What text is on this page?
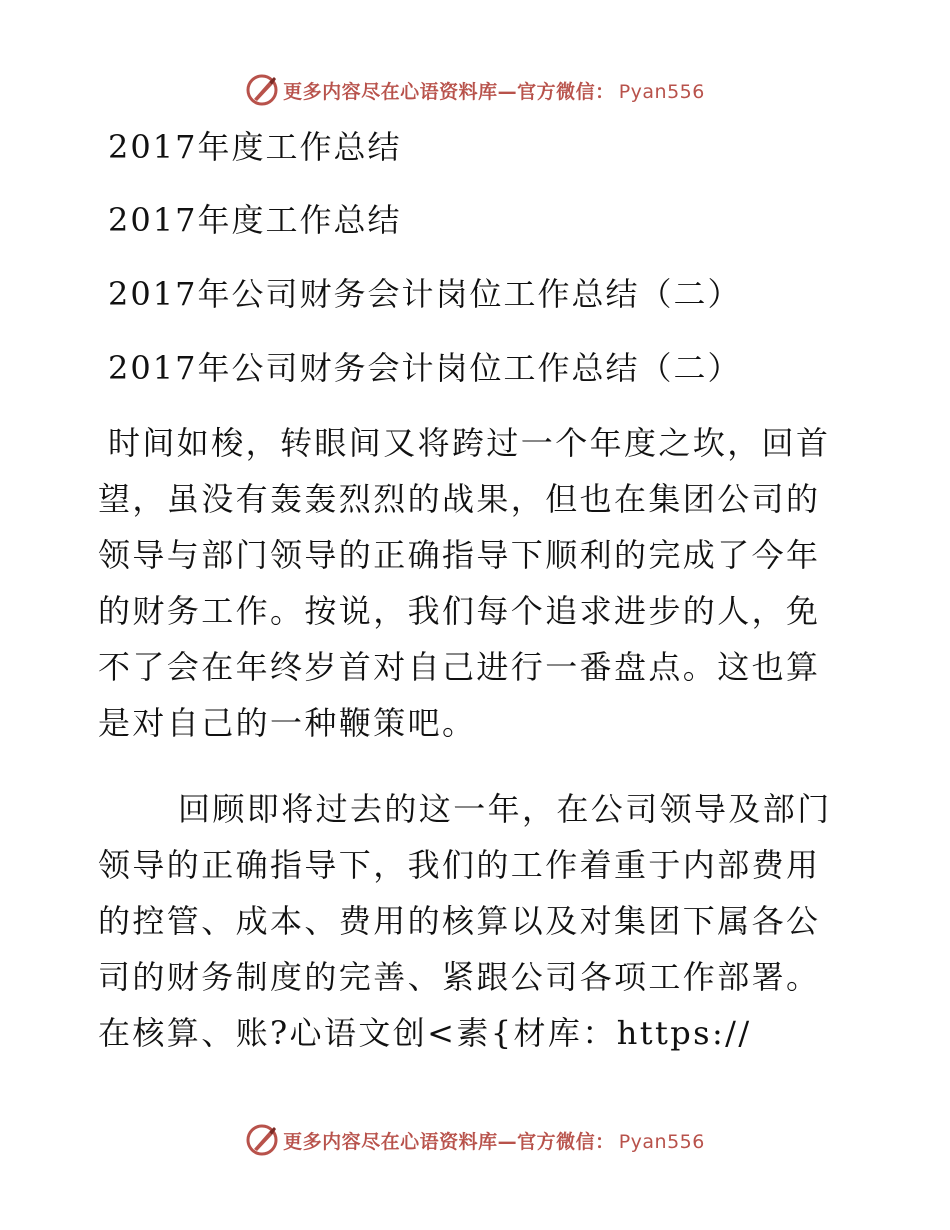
更多内容尽在心语资料库—官方微信： Pyan556
2017年度工作总结
2017年度工作总结
2017年公司财务会计岗位工作总结（二）
2017年公司财务会计岗位工作总结（二）

时间如梭，转眼间又将跨过一个年度之坎，回首望，虽没有轰轰烈烈的战果，但也在集团公司的领导与部门领导的正确指导下顺利的完成了今年的财务工作。按说，我们每个追求进步的人，免不了会在年终岁首对自己进行一番盘点。这也算是对自己的一种鞭策吧。

回顾即将过去的这一年，在公司领导及部门领导的正确指导下，我们的工作着重于内部费用的控管、成本、费用的核算以及对集团下属各公司的财务制度的完善、紧跟公司各项工作部署。在核算、账?心语文创<素{材库：https://

更多内容尽在心语资料库—官方微信： Pyan556
